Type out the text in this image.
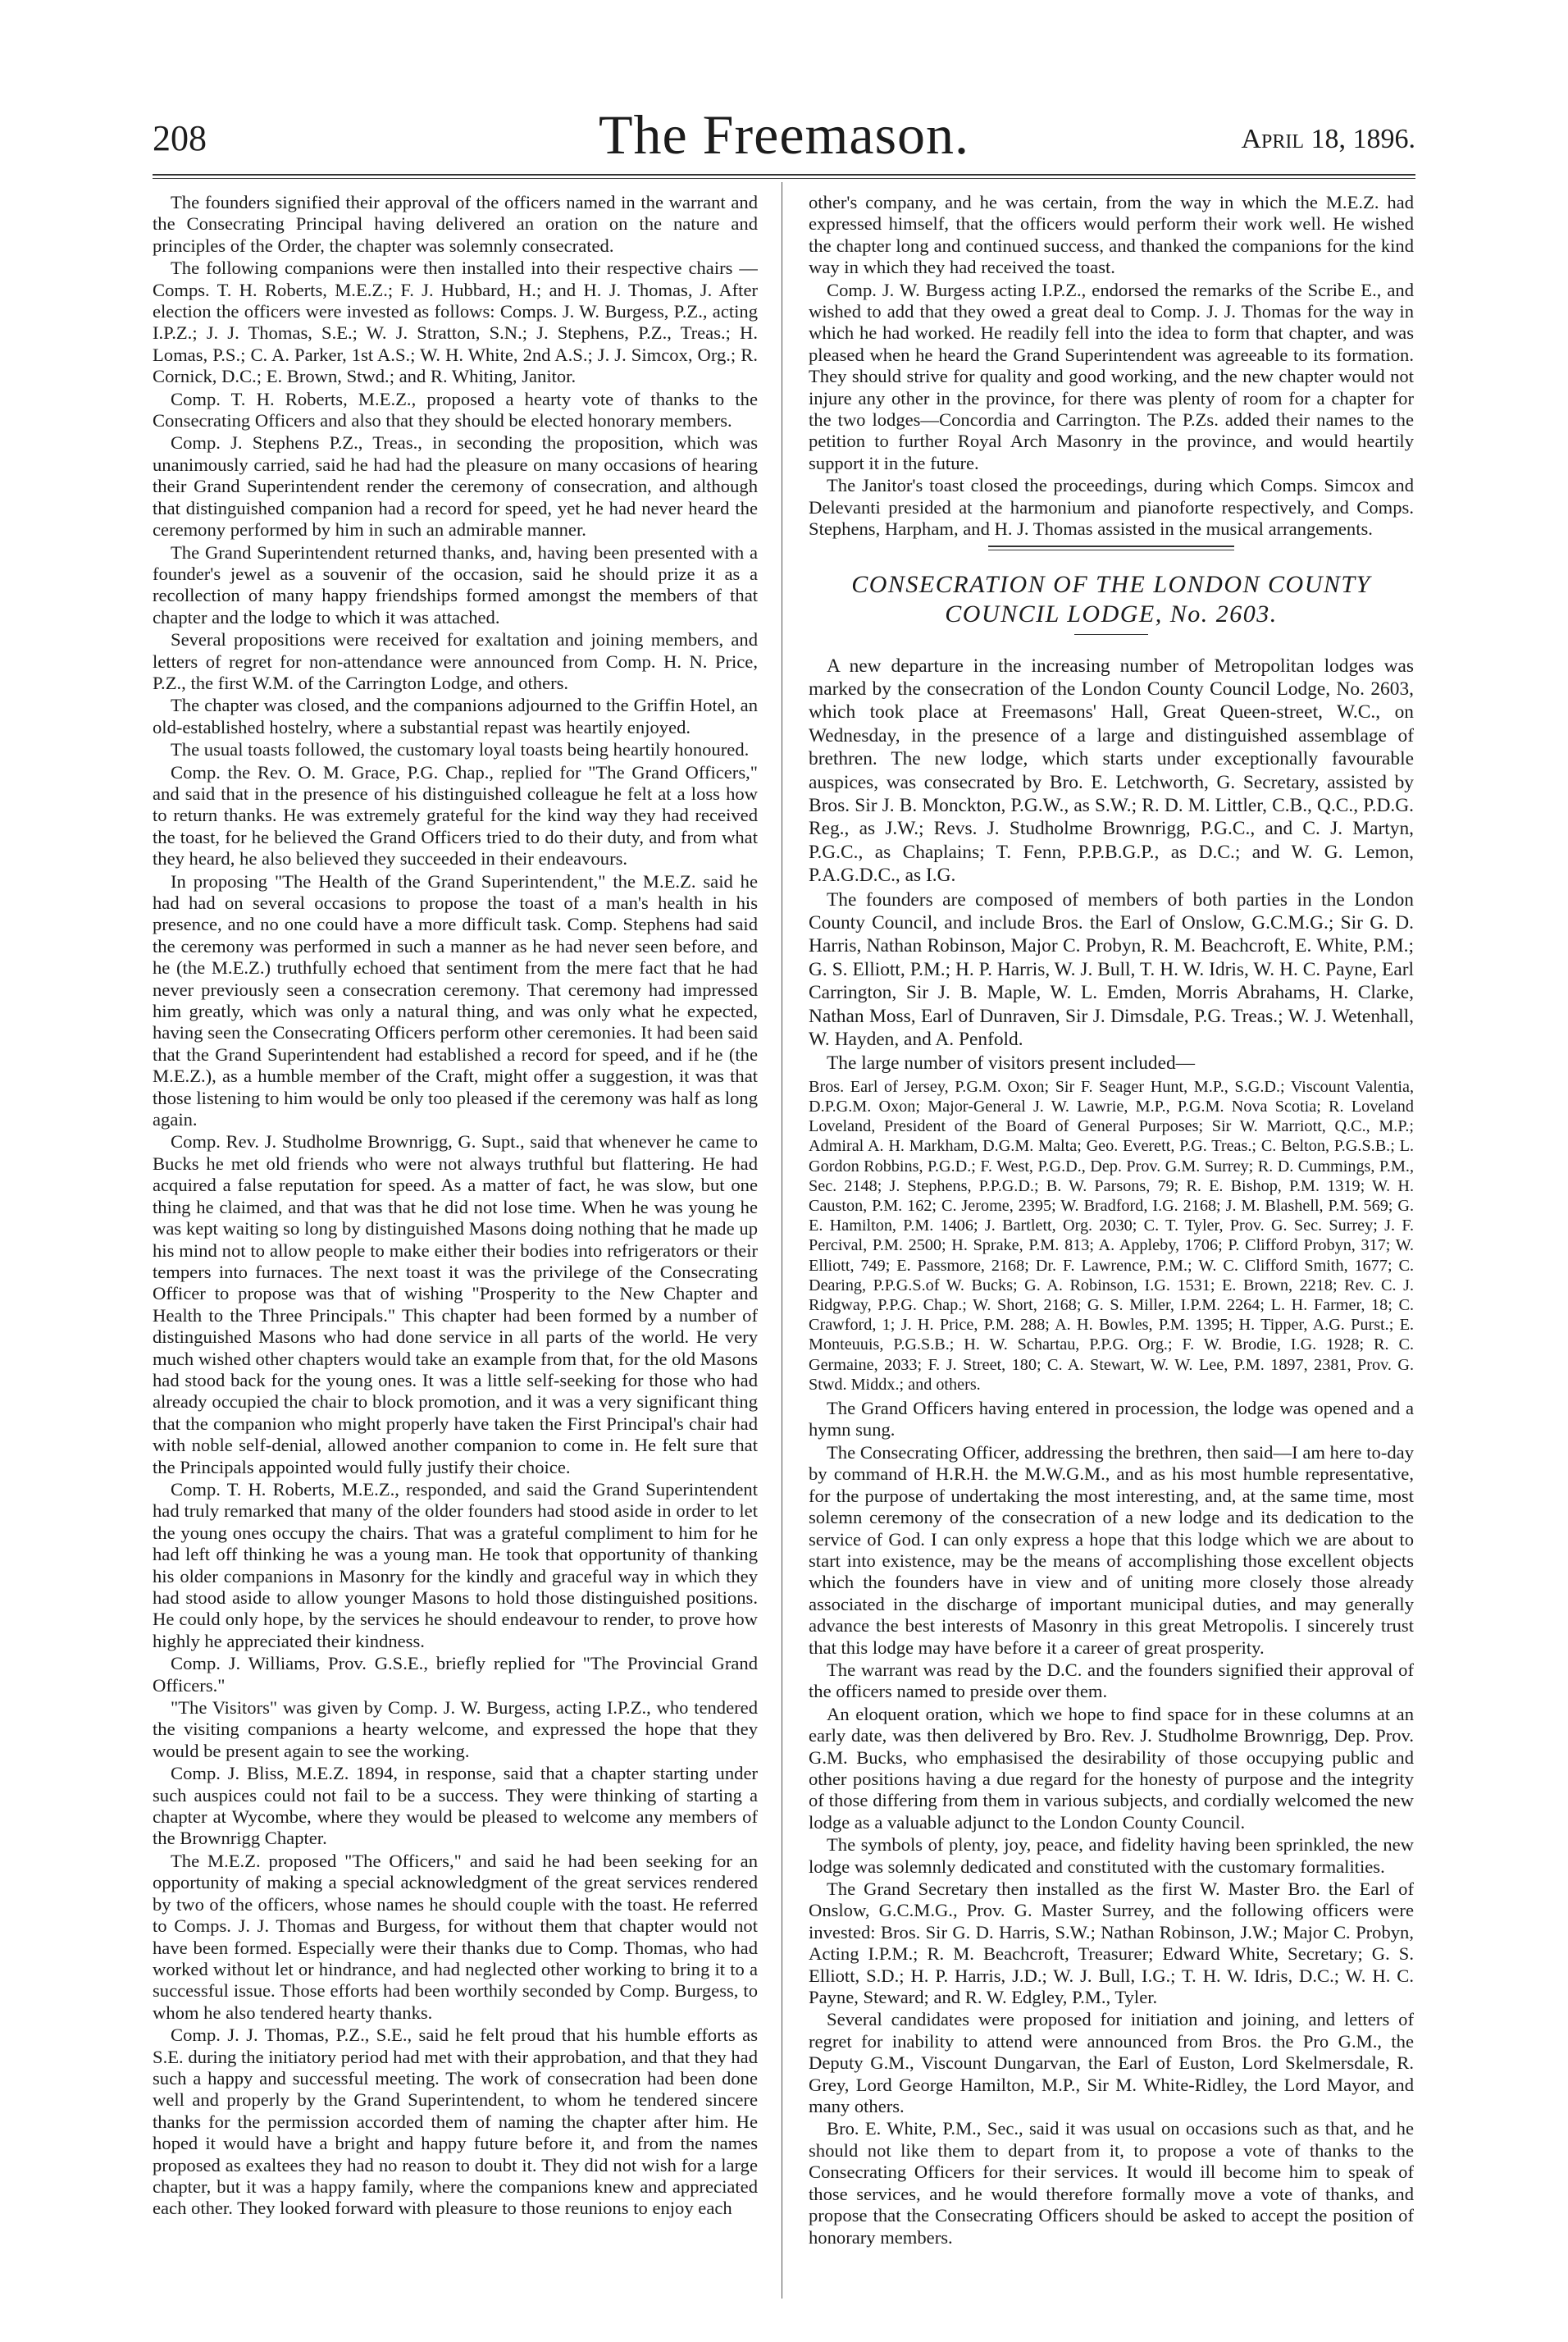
208	The Freemason.	April 18, 1896.

The founders signified their approval of the officers named in the warrant and the Consecrating Principal having delivered an oration on the nature and principles of the Order, the chapter was solemnly consecrated.

The following companions were then installed into their respective chairs —Comps. T. H. Roberts, M.E.Z.; F. J. Hubbard, H.; and H. J. Thomas, J. After election the officers were invested as follows: Comps. J. W. Burgess, P.Z., acting I.P.Z.; J. J. Thomas, S.E.; W. J. Stratton, S.N.; J. Stephens, P.Z., Treas.; H. Lomas, P.S.; C. A. Parker, 1st A.S.; W. H. White, 2nd A.S.; J. J. Simcox, Org.; R. Cornick, D.C.; E. Brown, Stwd.; and R. Whiting, Janitor.

Comp. T. H. Roberts, M.E.Z., proposed a hearty vote of thanks to the Consecrating Officers and also that they should be elected honorary members.

Comp. J. Stephens P.Z., Treas., in seconding the proposition, which was unanimously carried, said he had had the pleasure on many occasions of hearing their Grand Superintendent render the ceremony of consecration, and although that distinguished companion had a record for speed, yet he had never heard the ceremony performed by him in such an admirable manner.

The Grand Superintendent returned thanks, and, having been presented with a founder's jewel as a souvenir of the occasion, said he should prize it as a recollection of many happy friendships formed amongst the members of that chapter and the lodge to which it was attached.

Several propositions were received for exaltation and joining members, and letters of regret for non-attendance were announced from Comp. H. N. Price, P.Z., the first W.M. of the Carrington Lodge, and others.

The chapter was closed, and the companions adjourned to the Griffin Hotel, an old-established hostelry, where a substantial repast was heartily enjoyed.

The usual toasts followed, the customary loyal toasts being heartily honoured.

Comp. the Rev. O. M. Grace, P.G. Chap., replied for "The Grand Officers," and said that in the presence of his distinguished colleague he felt at a loss how to return thanks. He was extremely grateful for the kind way they had received the toast, for he believed the Grand Officers tried to do their duty, and from what they heard, he also believed they succeeded in their endeavours.

In proposing "The Health of the Grand Superintendent," the M.E.Z. said he had had on several occasions to propose the toast of a man's health in his presence, and no one could have a more difficult task. Comp. Stephens had said the ceremony was performed in such a manner as he had never seen before, and he (the M.E.Z.) truthfully echoed that sentiment from the mere fact that he had never previously seen a consecration ceremony. That ceremony had impressed him greatly, which was only a natural thing, and was only what he expected, having seen the Consecrating Officers perform other ceremonies. It had been said that the Grand Superintendent had established a record for speed, and if he (the M.E.Z.), as a humble member of the Craft, might offer a suggestion, it was that those listening to him would be only too pleased if the ceremony was half as long again.

Comp. Rev. J. Studholme Brownrigg, G. Supt., said that whenever he came to Bucks he met old friends who were not always truthful but flattering. He had acquired a false reputation for speed. As a matter of fact, he was slow, but one thing he claimed, and that was that he did not lose time. When he was young he was kept waiting so long by distinguished Masons doing nothing that he made up his mind not to allow people to make either their bodies into refrigerators or their tempers into furnaces. The next toast it was the privilege of the Consecrating Officer to propose was that of wishing "Prosperity to the New Chapter and Health to the Three Principals." This chapter had been formed by a number of distinguished Masons who had done service in all parts of the world. He very much wished other chapters would take an example from that, for the old Masons had stood back for the young ones. It was a little self-seeking for those who had already occupied the chair to block promotion, and it was a very significant thing that the companion who might properly have taken the First Principal's chair had with noble self-denial, allowed another companion to come in. He felt sure that the Principals appointed would fully justify their choice.

Comp. T. H. Roberts, M.E.Z., responded, and said the Grand Superintendent had truly remarked that many of the older founders had stood aside in order to let the young ones occupy the chairs. That was a grateful compliment to him for he had left off thinking he was a young man. He took that opportunity of thanking his older companions in Masonry for the kindly and graceful way in which they had stood aside to allow younger Masons to hold those distinguished positions. He could only hope, by the services he should endeavour to render, to prove how highly he appreciated their kindness.

Comp. J. Williams, Prov. G.S.E., briefly replied for "The Provincial Grand Officers."

"The Visitors" was given by Comp. J. W. Burgess, acting I.P.Z., who tendered the visiting companions a hearty welcome, and expressed the hope that they would be present again to see the working.

Comp. J. Bliss, M.E.Z. 1894, in response, said that a chapter starting under such auspices could not fail to be a success. They were thinking of starting a chapter at Wycombe, where they would be pleased to welcome any members of the Brownrigg Chapter.

The M.E.Z. proposed "The Officers," and said he had been seeking for an opportunity of making a special acknowledgment of the great services rendered by two of the officers, whose names he should couple with the toast. He referred to Comps. J. J. Thomas and Burgess, for without them that chapter would not have been formed. Especially were their thanks due to Comp. Thomas, who had worked without let or hindrance, and had neglected other working to bring it to a successful issue. Those efforts had been worthily seconded by Comp. Burgess, to whom he also tendered hearty thanks.

Comp. J. J. Thomas, P.Z., S.E., said he felt proud that his humble efforts as S.E. during the initiatory period had met with their approbation, and that they had such a happy and successful meeting. The work of consecration had been done well and properly by the Grand Superintendent, to whom he tendered sincere thanks for the permission accorded them of naming the chapter after him. He hoped it would have a bright and happy future before it, and from the names proposed as exaltees they had no reason to doubt it. They did not wish for a large chapter, but it was a happy family, where the companions knew and appreciated each other. They looked forward with pleasure to those reunions to enjoy each

other's company, and he was certain, from the way in which the M.E.Z. had expressed himself, that the officers would perform their work well. He wished the chapter long and continued success, and thanked the companions for the kind way in which they had received the toast.

Comp. J. W. Burgess acting I.P.Z., endorsed the remarks of the Scribe E., and wished to add that they owed a great deal to Comp. J. J. Thomas for the way in which he had worked. He readily fell into the idea to form that chapter, and was pleased when he heard the Grand Superintendent was agreeable to its formation. They should strive for quality and good working, and the new chapter would not injure any other in the province, for there was plenty of room for a chapter for the two lodges—Concordia and Carrington. The P.Zs. added their names to the petition to further Royal Arch Masonry in the province, and would heartily support it in the future.

The Janitor's toast closed the proceedings, during which Comps. Simcox and Delevanti presided at the harmonium and pianoforte respectively, and Comps. Stephens, Harpham, and H. J. Thomas assisted in the musical arrangements.

CONSECRATION OF THE LONDON COUNTY
COUNCIL LODGE, No. 2603.

A new departure in the increasing number of Metropolitan lodges was marked by the consecration of the London County Council Lodge, No. 2603, which took place at Freemasons' Hall, Great Queen-street, W.C., on Wednesday, in the presence of a large and distinguished assemblage of brethren. The new lodge, which starts under exceptionally favourable auspices, was consecrated by Bro. E. Letchworth, G. Secretary, assisted by Bros. Sir J. B. Monckton, P.G.W., as S.W.; R. D. M. Littler, C.B., Q.C., P.D.G. Reg., as J.W.; Revs. J. Studholme Brownrigg, P.G.C., and C. J. Martyn, P.G.C., as Chaplains; T. Fenn, P.P.B.G.P., as D.C.; and W. G. Lemon, P.A.G.D.C., as I.G.

The founders are composed of members of both parties in the London County Council, and include Bros. the Earl of Onslow, G.C.M.G.; Sir G. D. Harris, Nathan Robinson, Major C. Probyn, R. M. Beachcroft, E. White, P.M.; G. S. Elliott, P.M.; H. P. Harris, W. J. Bull, T. H. W. Idris, W. H. C. Payne, Earl Carrington, Sir J. B. Maple, W. L. Emden, Morris Abrahams, H. Clarke, Nathan Moss, Earl of Dunraven, Sir J. Dimsdale, P.G. Treas.; W. J. Wetenhall, W. Hayden, and A. Penfold.

The large number of visitors present included—

Bros. Earl of Jersey, P.G.M. Oxon; Sir F. Seager Hunt, M.P., S.G.D.; Viscount Valentia, D.P.G.M. Oxon; Major-General J. W. Lawrie, M.P., P.G.M. Nova Scotia; R. Loveland Loveland, President of the Board of General Purposes; Sir W. Marriott, Q.C., M.P.; Admiral A. H. Markham, D.G.M. Malta; Geo. Everett, P.G. Treas.; C. Belton, P.G.S.B.; L. Gordon Robbins, P.G.D.; F. West, P.G.D., Dep. Prov. G.M. Surrey; R. D. Cummings, P.M., Sec. 2148; J. Stephens, P.P.G.D.; B. W. Parsons, 79; R. E. Bishop, P.M. 1319; W. H. Causton, P.M. 162; C. Jerome, 2395; W. Bradford, I.G. 2168; J. M. Blashell, P.M. 569; G. E. Hamilton, P.M. 1406; J. Bartlett, Org. 2030; C. T. Tyler, Prov. G. Sec. Surrey; J. F. Percival, P.M. 2500; H. Sprake, P.M. 813; A. Appleby, 1706; P. Clifford Probyn, 317; W. Elliott, 749; E. Passmore, 2168; Dr. F. Lawrence, P.M.; W. C. Clifford Smith, 1677; C. Dearing, P.P.G.S.of W. Bucks; G. A. Robinson, I.G. 1531; E. Brown, 2218; Rev. C. J. Ridgway, P.P.G. Chap.; W. Short, 2168; G. S. Miller, I.P.M. 2264; L. H. Farmer, 18; C. Crawford, 1; J. H. Price, P.M. 288; A. H. Bowles, P.M. 1395; H. Tipper, A.G. Purst.; E. Monteuuis, P.G.S.B.; H. W. Schartau, P.P.G. Org.; F. W. Brodie, I.G. 1928; R. C. Germaine, 2033; F. J. Street, 180; C. A. Stewart, W. W. Lee, P.M. 1897, 2381, Prov. G. Stwd. Middx.; and others.

The Grand Officers having entered in procession, the lodge was opened and a hymn sung.

The Consecrating Officer, addressing the brethren, then said—I am here to-day by command of H.R.H. the M.W.G.M., and as his most humble representative, for the purpose of undertaking the most interesting, and, at the same time, most solemn ceremony of the consecration of a new lodge and its dedication to the service of God. I can only express a hope that this lodge which we are about to start into existence, may be the means of accomplishing those excellent objects which the founders have in view and of uniting more closely those already associated in the discharge of important municipal duties, and may generally advance the best interests of Masonry in this great Metropolis. I sincerely trust that this lodge may have before it a career of great prosperity.

The warrant was read by the D.C. and the founders signified their approval of the officers named to preside over them.

An eloquent oration, which we hope to find space for in these columns at an early date, was then delivered by Bro. Rev. J. Studholme Brownrigg, Dep. Prov. G.M. Bucks, who emphasised the desirability of those occupying public and other positions having a due regard for the honesty of purpose and the integrity of those differing from them in various subjects, and cordially welcomed the new lodge as a valuable adjunct to the London County Council.

The symbols of plenty, joy, peace, and fidelity having been sprinkled, the new lodge was solemnly dedicated and constituted with the customary formalities.

The Grand Secretary then installed as the first W. Master Bro. the Earl of Onslow, G.C.M.G., Prov. G. Master Surrey, and the following officers were invested: Bros. Sir G. D. Harris, S.W.; Nathan Robinson, J.W.; Major C. Probyn, Acting I.P.M.; R. M. Beachcroft, Treasurer; Edward White, Secretary; G. S. Elliott, S.D.; H. P. Harris, J.D.; W. J. Bull, I.G.; T. H. W. Idris, D.C.; W. H. C. Payne, Steward; and R. W. Edgley, P.M., Tyler.

Several candidates were proposed for initiation and joining, and letters of regret for inability to attend were announced from Bros. the Pro G.M., the Deputy G.M., Viscount Dungarvan, the Earl of Euston, Lord Skelmersdale, R. Grey, Lord George Hamilton, M.P., Sir M. White-Ridley, the Lord Mayor, and many others.

Bro. E. White, P.M., Sec., said it was usual on occasions such as that, and he should not like them to depart from it, to propose a vote of thanks to the Consecrating Officers for their services. It would ill become him to speak of those services, and he would therefore formally move a vote of thanks, and propose that the Consecrating Officers should be asked to accept the position of honorary members.
